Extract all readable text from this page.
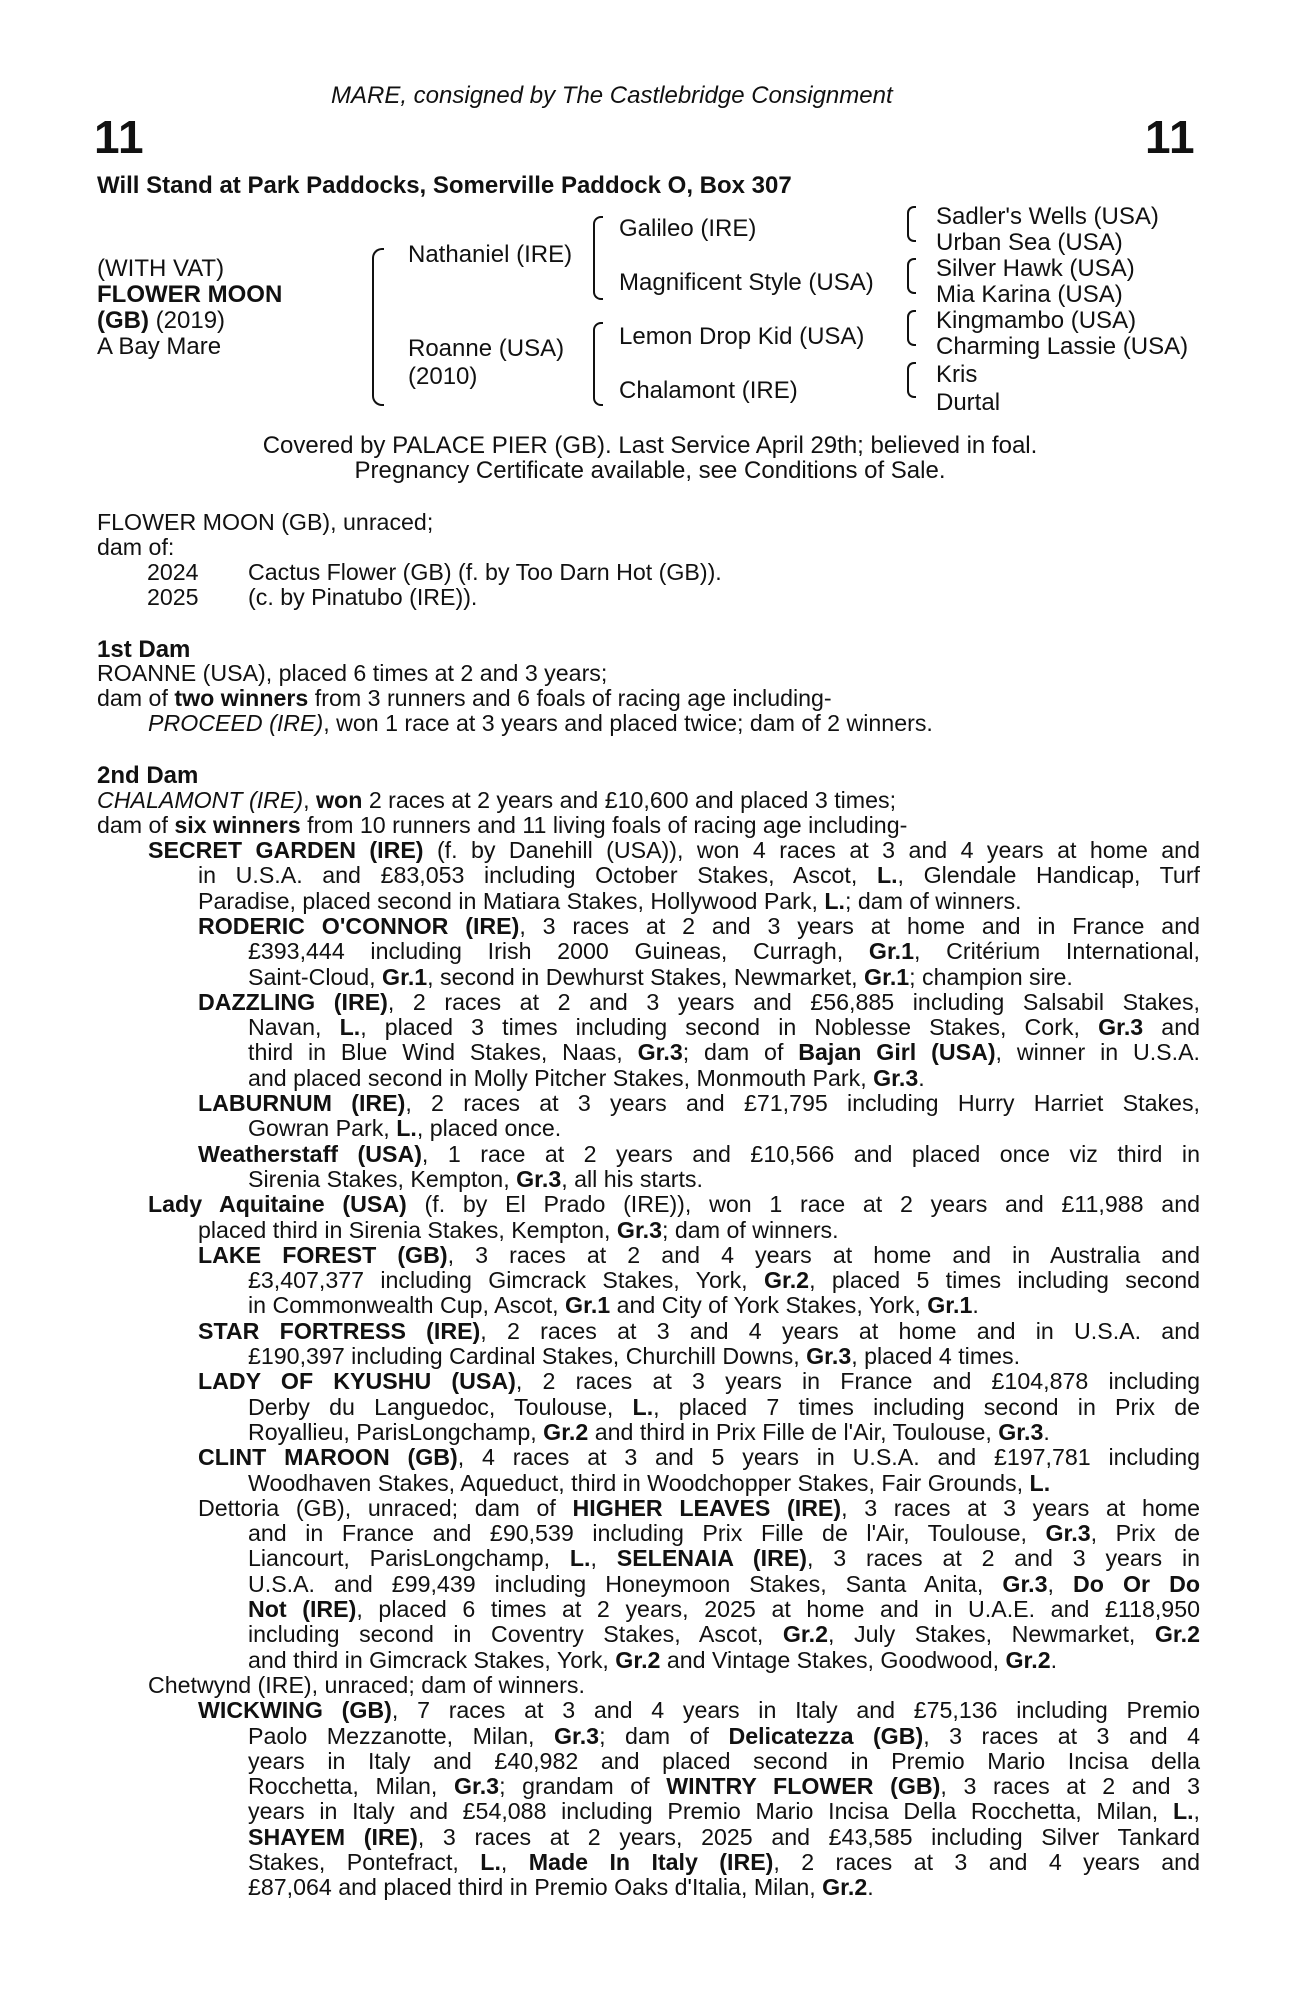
MARE, consigned by The Castlebridge Consignment
11	11
Will Stand at Park Paddocks, Somerville Paddock O, Box 307
(WITH VAT)
FLOWER MOON
(GB) (2019)
A Bay Mare
Nathaniel (IRE)
Roanne (USA)
(2010)
Galileo (IRE)
Magnificent Style (USA)
Lemon Drop Kid (USA)
Chalamont (IRE)
Sadler's Wells (USA)
Urban Sea (USA)
Silver Hawk (USA)
Mia Karina (USA)
Kingmambo (USA)
Charming Lassie (USA)
Kris
Durtal
Covered by PALACE PIER (GB). Last Service April 29th; believed in foal.
Pregnancy Certificate available, see Conditions of Sale.
FLOWER MOON (GB), unraced;
dam of:
2024 Cactus Flower (GB) (f. by Too Darn Hot (GB)).
2025 (c. by Pinatubo (IRE)).
1st Dam
ROANNE (USA), placed 6 times at 2 and 3 years;
dam of two winners from 3 runners and 6 foals of racing age including-
PROCEED (IRE), won 1 race at 3 years and placed twice; dam of 2 winners.
2nd Dam
CHALAMONT (IRE), won 2 races at 2 years and £10,600 and placed 3 times;
dam of six winners from 10 runners and 11 living foals of racing age including-
SECRET GARDEN (IRE) (f. by Danehill (USA)), won 4 races at 3 and 4 years at home and
in U.S.A. and £83,053 including October Stakes, Ascot, L., Glendale Handicap, Turf
Paradise, placed second in Matiara Stakes, Hollywood Park, L.; dam of winners.
RODERIC O'CONNOR (IRE), 3 races at 2 and 3 years at home and in France and
£393,444 including Irish 2000 Guineas, Curragh, Gr.1, Critérium International,
Saint-Cloud, Gr.1, second in Dewhurst Stakes, Newmarket, Gr.1; champion sire.
DAZZLING (IRE), 2 races at 2 and 3 years and £56,885 including Salsabil Stakes,
Navan, L., placed 3 times including second in Noblesse Stakes, Cork, Gr.3 and
third in Blue Wind Stakes, Naas, Gr.3; dam of Bajan Girl (USA), winner in U.S.A.
and placed second in Molly Pitcher Stakes, Monmouth Park, Gr.3.
LABURNUM (IRE), 2 races at 3 years and £71,795 including Hurry Harriet Stakes,
Gowran Park, L., placed once.
Weatherstaff (USA), 1 race at 2 years and £10,566 and placed once viz third in
Sirenia Stakes, Kempton, Gr.3, all his starts.
Lady Aquitaine (USA) (f. by El Prado (IRE)), won 1 race at 2 years and £11,988 and
placed third in Sirenia Stakes, Kempton, Gr.3; dam of winners.
LAKE FOREST (GB), 3 races at 2 and 4 years at home and in Australia and
£3,407,377 including Gimcrack Stakes, York, Gr.2, placed 5 times including second
in Commonwealth Cup, Ascot, Gr.1 and City of York Stakes, York, Gr.1.
STAR FORTRESS (IRE), 2 races at 3 and 4 years at home and in U.S.A. and
£190,397 including Cardinal Stakes, Churchill Downs, Gr.3, placed 4 times.
LADY OF KYUSHU (USA), 2 races at 3 years in France and £104,878 including
Derby du Languedoc, Toulouse, L., placed 7 times including second in Prix de
Royallieu, ParisLongchamp, Gr.2 and third in Prix Fille de l'Air, Toulouse, Gr.3.
CLINT MAROON (GB), 4 races at 3 and 5 years in U.S.A. and £197,781 including
Woodhaven Stakes, Aqueduct, third in Woodchopper Stakes, Fair Grounds, L.
Dettoria (GB), unraced; dam of HIGHER LEAVES (IRE), 3 races at 3 years at home
and in France and £90,539 including Prix Fille de l'Air, Toulouse, Gr.3, Prix de
Liancourt, ParisLongchamp, L., SELENAIA (IRE), 3 races at 2 and 3 years in
U.S.A. and £99,439 including Honeymoon Stakes, Santa Anita, Gr.3, Do Or Do
Not (IRE), placed 6 times at 2 years, 2025 at home and in U.A.E. and £118,950
including second in Coventry Stakes, Ascot, Gr.2, July Stakes, Newmarket, Gr.2
and third in Gimcrack Stakes, York, Gr.2 and Vintage Stakes, Goodwood, Gr.2.
Chetwynd (IRE), unraced; dam of winners.
WICKWING (GB), 7 races at 3 and 4 years in Italy and £75,136 including Premio
Paolo Mezzanotte, Milan, Gr.3; dam of Delicatezza (GB), 3 races at 3 and 4
years in Italy and £40,982 and placed second in Premio Mario Incisa della
Rocchetta, Milan, Gr.3; grandam of WINTRY FLOWER (GB), 3 races at 2 and 3
years in Italy and £54,088 including Premio Mario Incisa Della Rocchetta, Milan, L.,
SHAYEM (IRE), 3 races at 2 years, 2025 and £43,585 including Silver Tankard
Stakes, Pontefract, L., Made In Italy (IRE), 2 races at 3 and 4 years and
£87,064 and placed third in Premio Oaks d'Italia, Milan, Gr.2.
